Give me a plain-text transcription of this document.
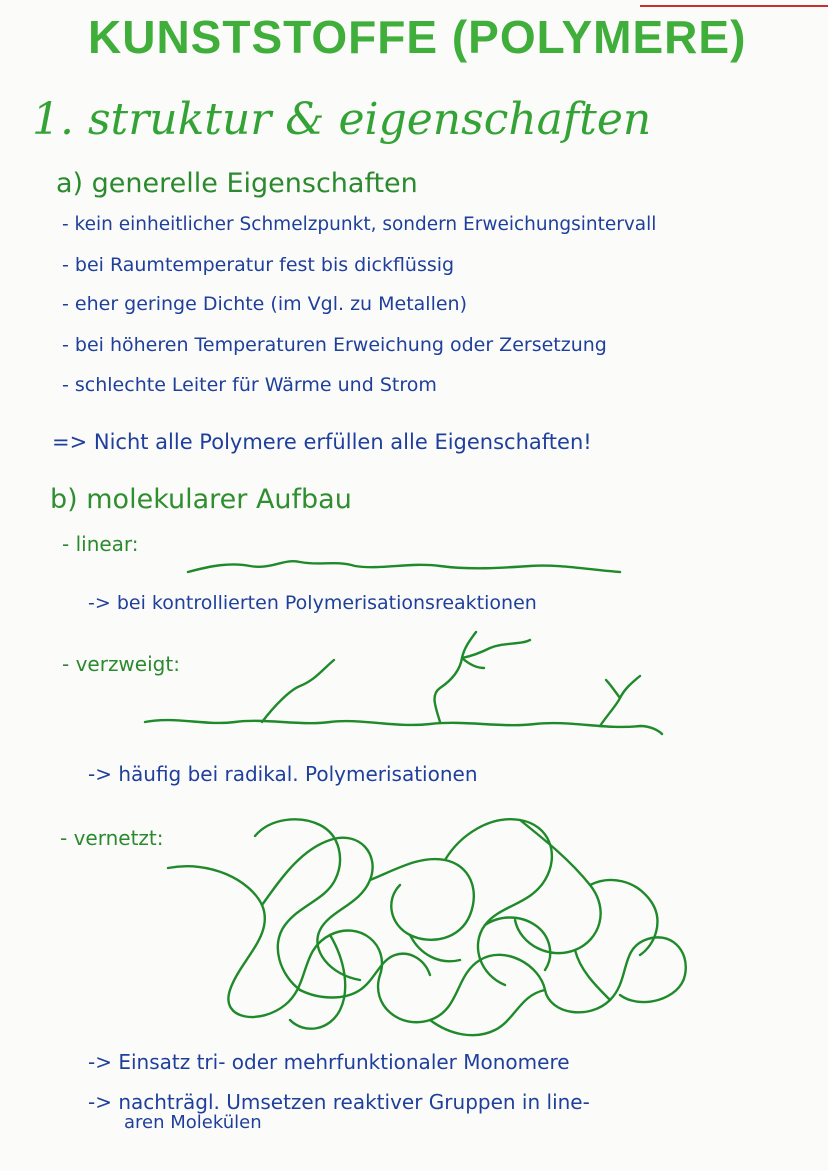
KUNSTSTOFFE (POLYMERE)
1. struktur & eigenschaften
a) generelle Eigenschaften
- kein einheitlicher Schmelzpunkt, sondern Erweichungsintervall
- bei Raumtemperatur fest bis dickflüssig
- eher geringe Dichte (im Vgl. zu Metallen)
- bei höheren Temperaturen Erweichung oder Zersetzung
- schlechte Leiter für Wärme und Strom
=> Nicht alle Polymere erfüllen alle Eigenschaften!
b) molekularer Aufbau
- linear:
-> bei kontrollierten Polymerisationsreaktionen
- verzweigt:
-> häufig bei radikal. Polymerisationen
- vernetzt:
-> Einsatz tri- oder mehrfunktionaler Monomere
-> nachträgl. Umsetzen reaktiver Gruppen in line-
aren Molekülen
